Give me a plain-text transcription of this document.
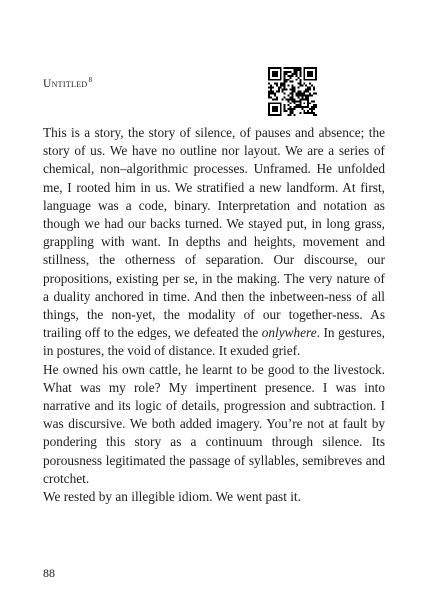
Untitled$^8$

This is a story, the story of silence, of pauses and absence; the story of us. We have no outline nor layout. We are a series of chemical, non–algorithmic processes. Unframed. He unfolded me, I rooted him in us. We stratified a new landform. At first, language was a code, binary. Interpretation and notation as though we had our backs turned. We stayed put, in long grass, grappling with want. In depths and heights, movement and stillness, the otherness of separation. Our discourse, our propositions, existing per se, in the making. The very nature of a duality anchored in time. And then the inbetween-ness of all things, the non-yet, the modality of our together-ness. As trailing off to the edges, we defeated the onlywhere. In gestures, in postures, the void of distance. It exuded grief.

He owned his own cattle, he learnt to be good to the livestock. What was my role? My impertinent presence. I was into narrative and its logic of details, progression and subtraction. I was discursive. We both added imagery. You’re not at fault by pondering this story as a continuum through silence. Its porousness legitimated the passage of syllables, semibreves and crotchet.

We rested by an illegible idiom. We went past it.

88
